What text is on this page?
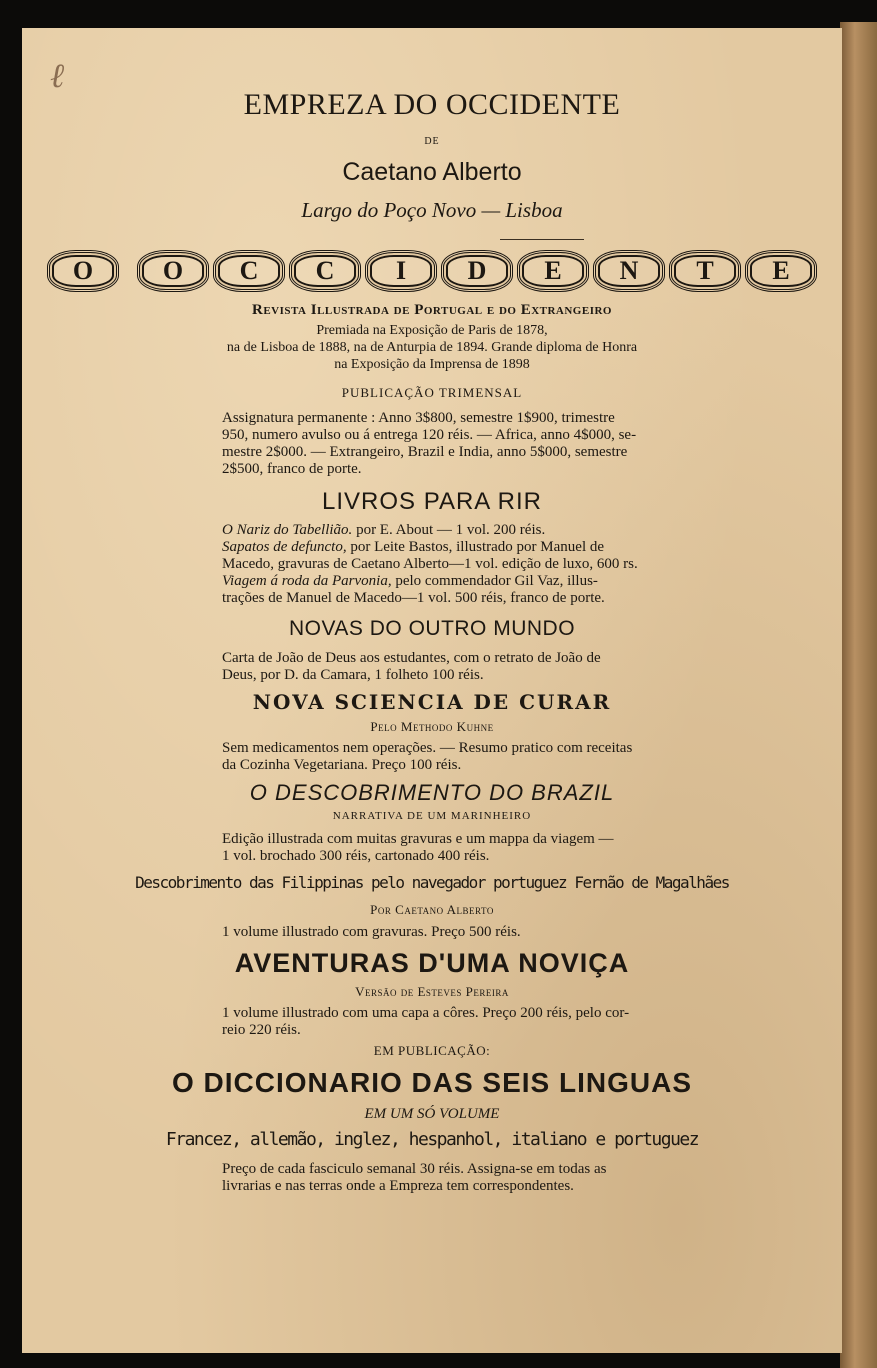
ℓ
EMPREZA DO OCCIDENTE
DE
Caetano Alberto
Largo do Poço Novo — Lisboa
O	O C C I D E N T E
Revista Illustrada de Portugal e do Extrangeiro
Premiada na Exposição de Paris de 1878,
na de Lisboa de 1888, na de Anturpia de 1894. Grande diploma de Honra
na Exposição da Imprensa de 1898
PUBLICAÇÃO TRIMENSAL
Assignatura permanente : Anno 3$800, semestre 1$900, trimestre
950, numero avulso ou á entrega 120 réis. — Africa, anno 4$000, se-
mestre 2$000. — Extrangeiro, Brazil e India, anno 5$000, semestre
2$500, franco de porte.
LIVROS PARA RIR
O Nariz do Tabellião. por E. About — 1 vol. 200 réis.
Sapatos de defuncto, por Leite Bastos, illustrado por Manuel de
Macedo, gravuras de Caetano Alberto—1 vol. edição de luxo, 600 rs.
Viagem á roda da Parvonia, pelo commendador Gil Vaz, illus-
trações de Manuel de Macedo—1 vol. 500 réis, franco de porte.
NOVAS DO OUTRO MUNDO
Carta de João de Deus aos estudantes, com o retrato de João de
Deus, por D. da Camara, 1 folheto 100 réis.
NOVA SCIENCIA DE CURAR
Pelo Methodo Kuhne
Sem medicamentos nem operações. — Resumo pratico com receitas
da Cozinha Vegetariana. Preço 100 réis.
O DESCOBRIMENTO DO BRAZIL
NARRATIVA DE UM MARINHEIRO
Edição illustrada com muitas gravuras e um mappa da viagem —
1 vol. brochado 300 réis, cartonado 400 réis.
Descobrimento das Filippinas pelo navegador portuguez Fernão de Magalhães
Por Caetano Alberto
1 volume illustrado com gravuras. Preço 500 réis.
AVENTURAS D'UMA NOVIÇA
Versão de Esteves Pereira
1 volume illustrado com uma capa a côres. Preço 200 réis, pelo cor-
reio 220 réis.
EM PUBLICAÇÃO:
O DICCIONARIO DAS SEIS LINGUAS
EM UM SÓ VOLUME
Francez, allemão, inglez, hespanhol, italiano e portuguez
Preço de cada fasciculo semanal 30 réis. Assigna-se em todas as
livrarias e nas terras onde a Empreza tem correspondentes.
